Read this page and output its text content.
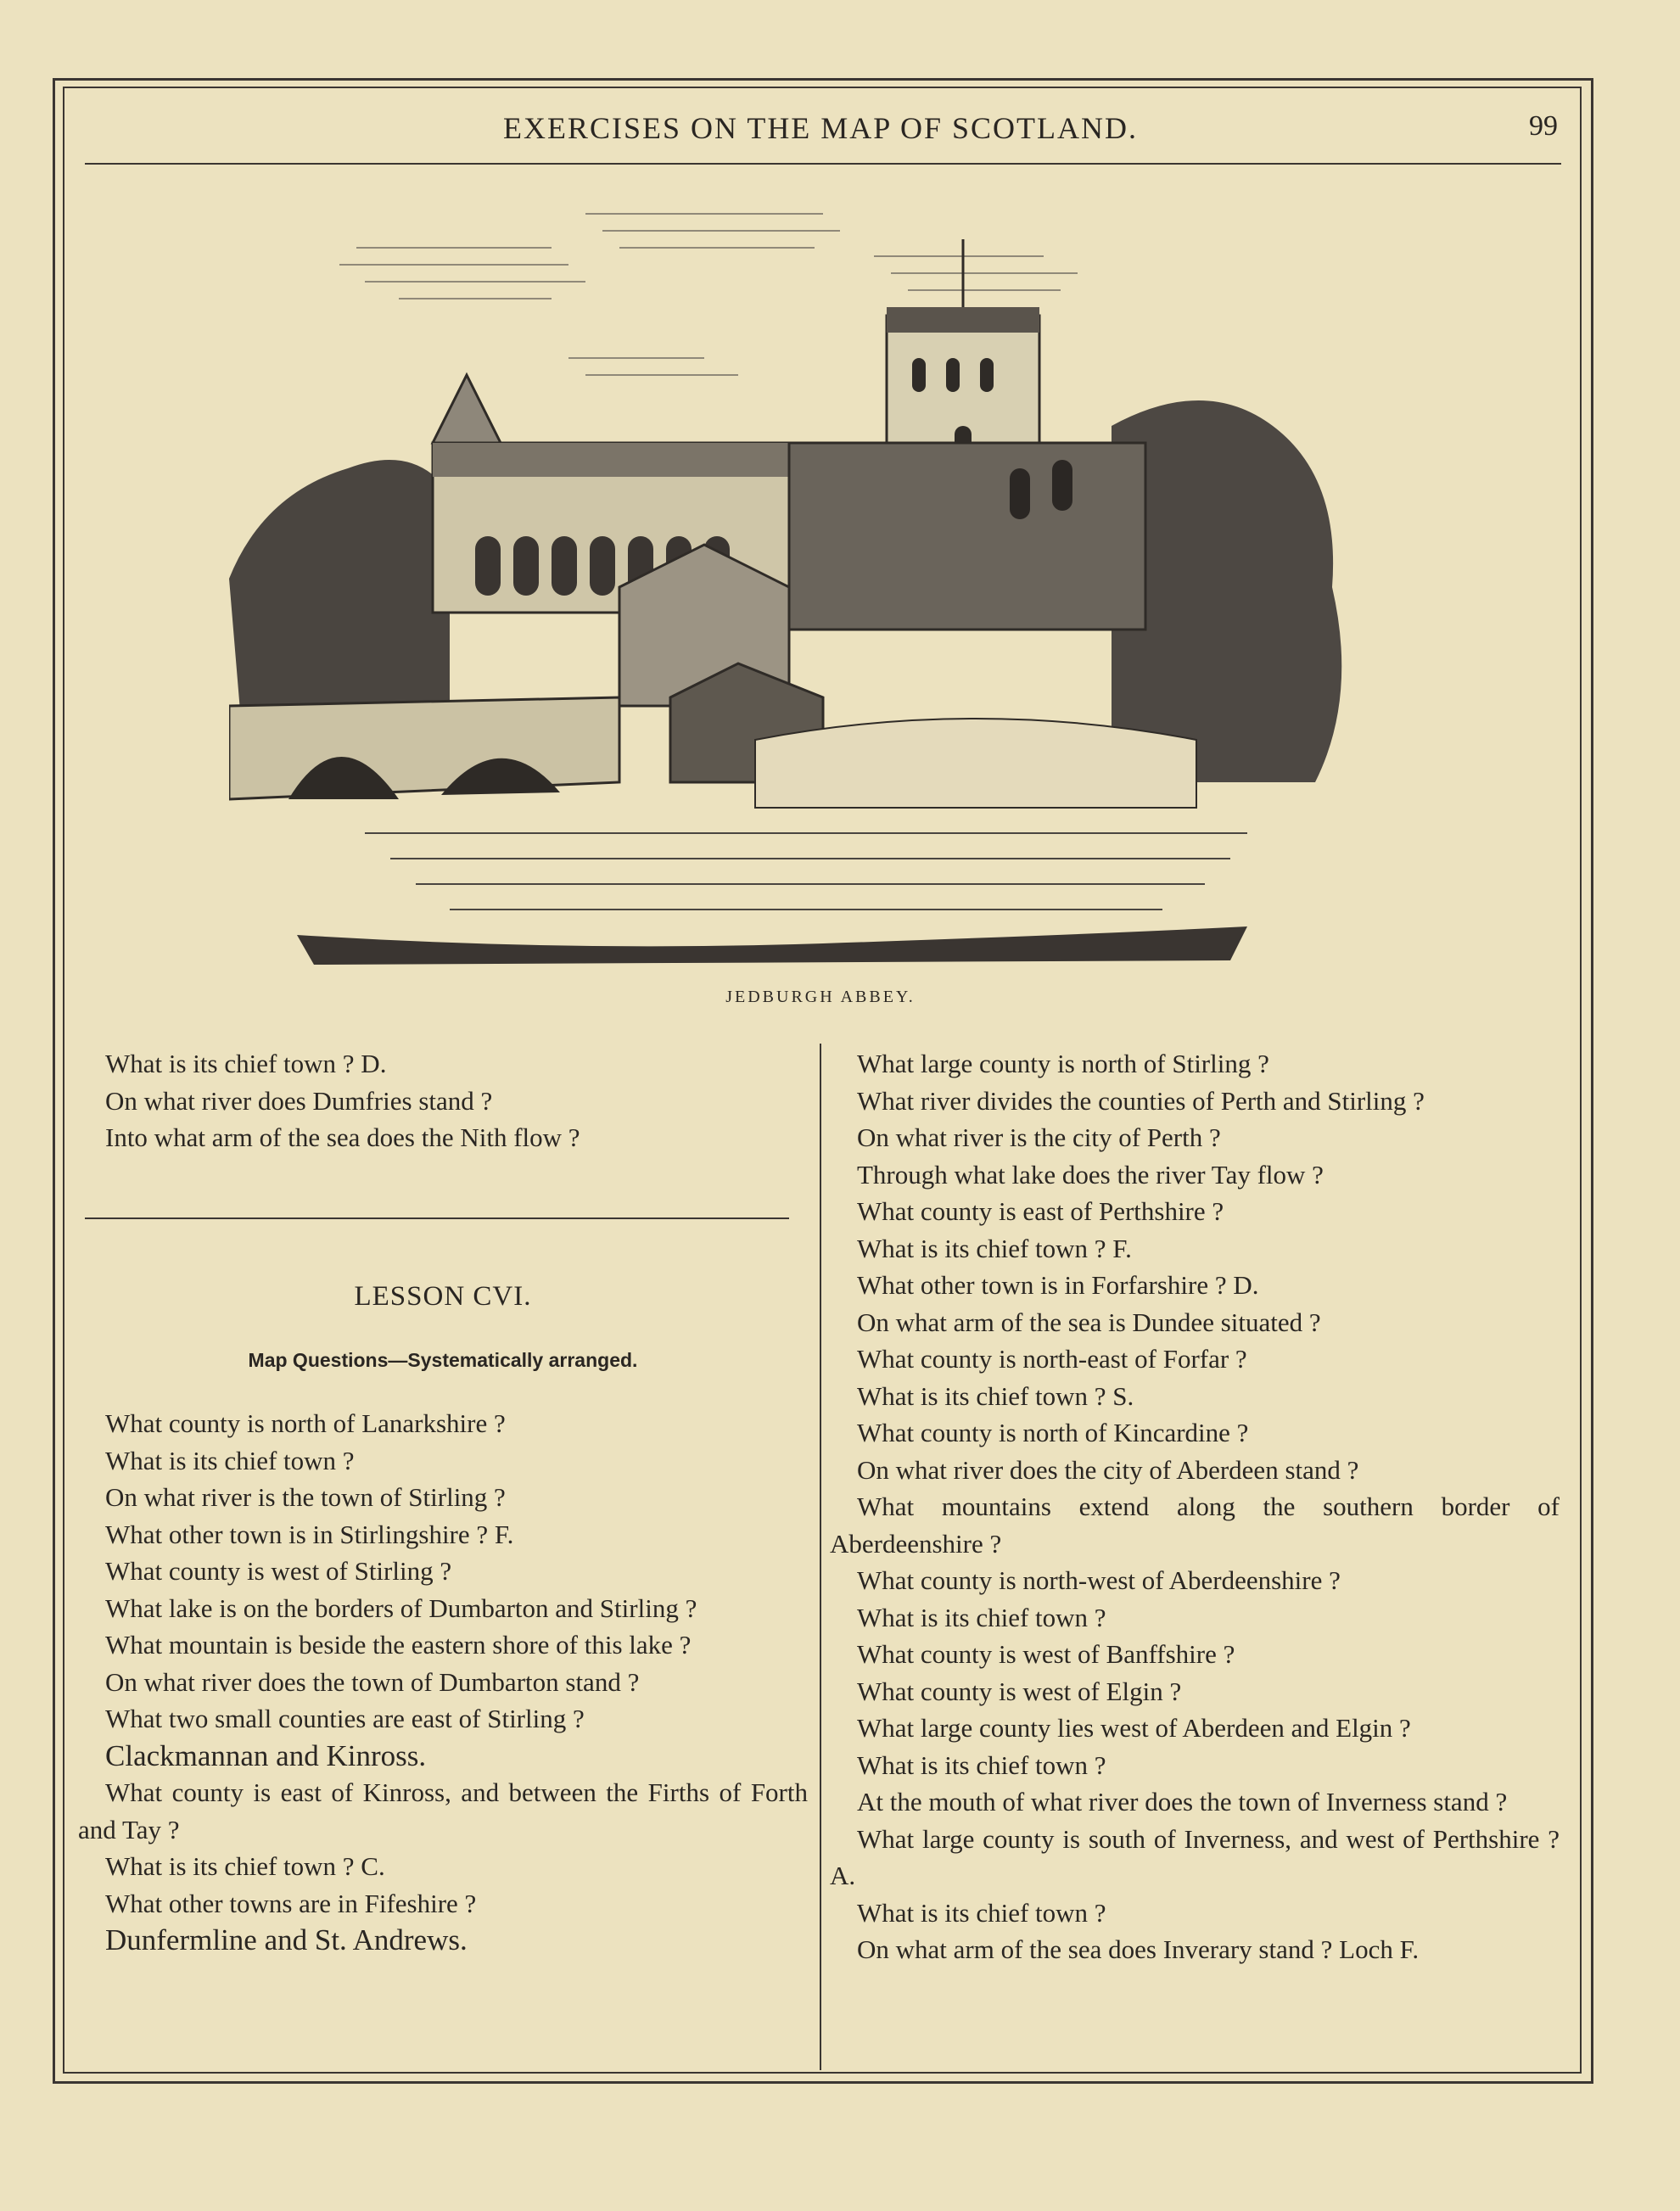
EXERCISES ON THE MAP OF SCOTLAND.	99
JEDBURGH ABBEY.

What is its chief town ? D.

On what river does Dumfries stand ?

Into what arm of the sea does the Nith flow ?

LESSON CVI.
Map Questions—Systematically arranged.

What county is north of Lanarkshire ?

What is its chief town ?

On what river is the town of Stirling ?

What other town is in Stirlingshire ? F.

What county is west of Stirling ?

What lake is on the borders of Dumbarton and Stirling ?

What mountain is beside the eastern shore of this lake ?

On what river does the town of Dumbarton stand ?

What two small counties are east of Stirling ?

Clackmannan and Kinross.

What county is east of Kinross, and between the Firths of Forth and Tay ?

What is its chief town ? C.

What other towns are in Fifeshire ?

Dunfermline and St. Andrews.

What large county is north of Stirling ?

What river divides the counties of Perth and Stirling ?

On what river is the city of Perth ?

Through what lake does the river Tay flow ?

What county is east of Perthshire ?

What is its chief town ? F.

What other town is in Forfarshire ? D.

On what arm of the sea is Dundee situated ?

What county is north-east of Forfar ?

What is its chief town ? S.

What county is north of Kincardine ?

On what river does the city of Aberdeen stand ?

What mountains extend along the southern border of Aberdeenshire ?

What county is north-west of Aberdeenshire ?

What is its chief town ?

What county is west of Banffshire ?

What county is west of Elgin ?

What large county lies west of Aberdeen and Elgin ?

What is its chief town ?

At the mouth of what river does the town of Inverness stand ?

What large county is south of Inverness, and west of Perthshire ? A.

What is its chief town ?

On what arm of the sea does Inverary stand ? Loch F.
